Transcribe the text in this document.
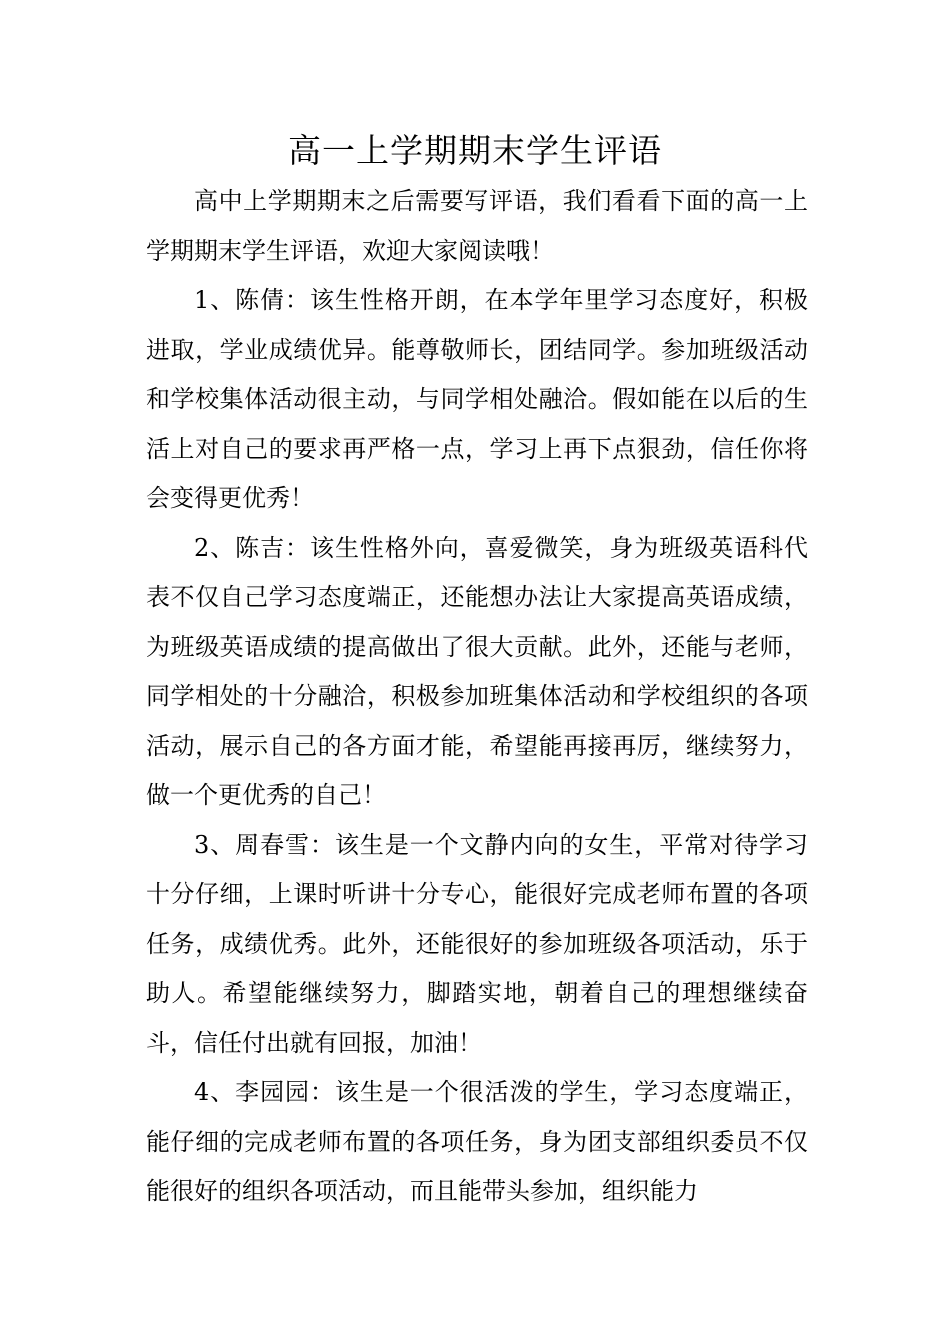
高一上学期期末学生评语

高中上学期期末之后需要写评语，我们看看下面的高一上学期期末学生评语，欢迎大家阅读哦！

1、陈倩：该生性格开朗，在本学年里学习态度好，积极进取，学业成绩优异。能尊敬师长，团结同学。参加班级活动和学校集体活动很主动，与同学相处融洽。假如能在以后的生活上对自己的要求再严格一点，学习上再下点狠劲，信任你将会变得更优秀！

2、陈吉：该生性格外向，喜爱微笑，身为班级英语科代表不仅自己学习态度端正，还能想办法让大家提高英语成绩，为班级英语成绩的提高做出了很大贡献。此外，还能与老师，同学相处的十分融洽，积极参加班集体活动和学校组织的各项活动，展示自己的各方面才能，希望能再接再厉，继续努力，做一个更优秀的自己！

3、周春雪：该生是一个文静内向的女生，平常对待学习十分仔细，上课时听讲十分专心，能很好完成老师布置的各项任务，成绩优秀。此外，还能很好的参加班级各项活动，乐于助人。希望能继续努力，脚踏实地，朝着自己的理想继续奋斗，信任付出就有回报，加油！

4、李园园：该生是一个很活泼的学生，学习态度端正，能仔细的完成老师布置的各项任务，身为团支部组织委员不仅能很好的组织各项活动，而且能带头参加，组织能力
